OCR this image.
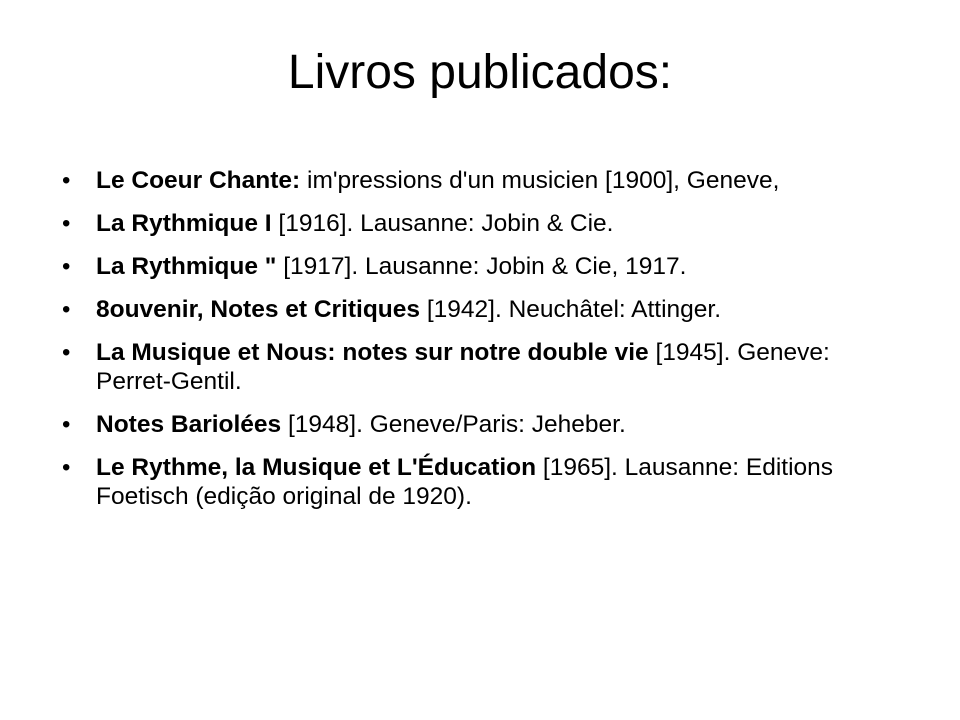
Livros publicados:
• Le Coeur Chante: im'pressions d'un musicien [1900], Geneve,
• La Rythmique I [1916]. Lausanne: Jobin & Cie.
• La Rythmique " [1917]. Lausanne: Jobin & Cie, 1917.
• 8ouvenir, Notes et Critiques [1942]. Neuchâtel: Attinger.
• La Musique et Nous: notes sur notre double vie [1945]. Geneve: Perret-Gentil.
• Notes Bariolées [1948]. Geneve/Paris: Jeheber.
• Le Rythme, la Musique et L'Éducation [1965]. Lausanne: Editions Foetisch (edição original de 1920).
